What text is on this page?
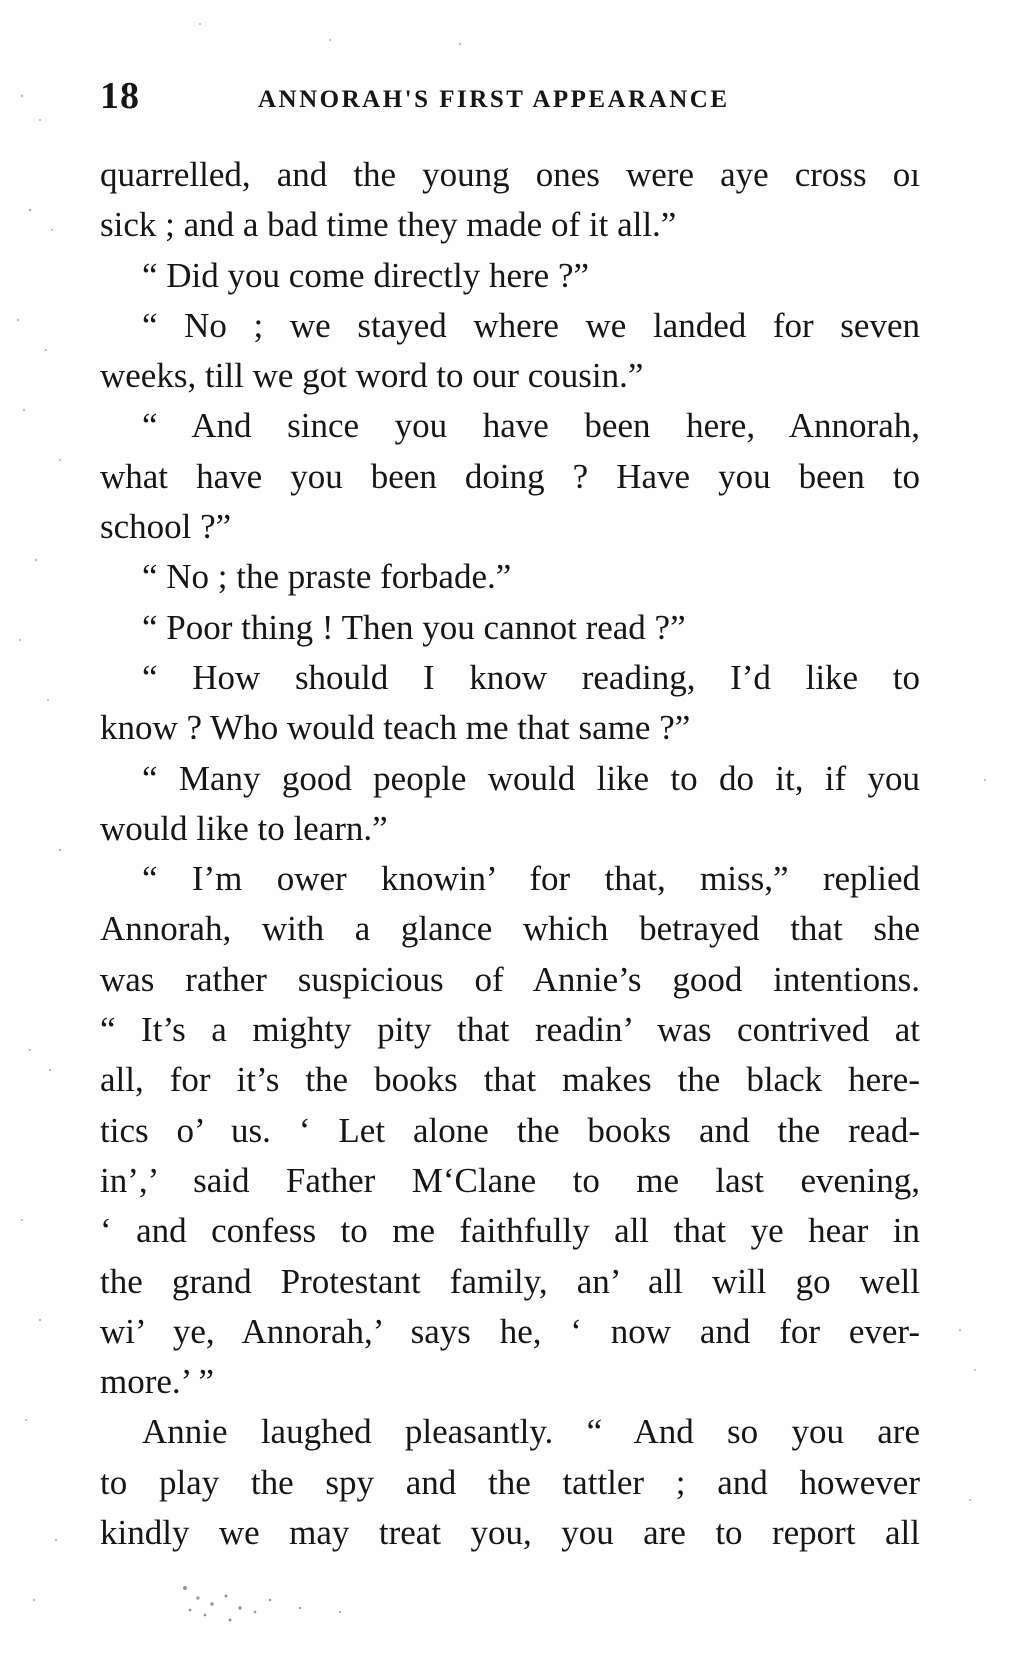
18	ANNORAH'S FIRST APPEARANCE
quarrelled, and the young ones were aye cross oı
sick ; and a bad time they made of it all.”
“ Did you come directly here ?”
“ No ; we stayed where we landed for seven
weeks, till we got word to our cousin.”
“ And since you have been here, Annorah,
what have you been doing ? Have you been to
school ?”
“ No ; the praste forbade.”
“ Poor thing ! Then you cannot read ?”
“ How should I know reading, I’d like to
know ? Who would teach me that same ?”
“ Many good people would like to do it, if you
would like to learn.”
“ I’m ower knowin’ for that, miss,” replied
Annorah, with a glance which betrayed that she
was rather suspicious of Annie’s good intentions.
“ It’s a mighty pity that readin’ was contrived at
all, for it’s the books that makes the black here-
tics o’ us. ‘ Let alone the books and the read-
in’,’ said Father M‘Clane to me last evening,
‘ and confess to me faithfully all that ye hear in
the grand Protestant family, an’ all will go well
wi’ ye, Annorah,’ says he, ‘ now and for ever-
more.’ ”
Annie laughed pleasantly. “ And so you are
to play the spy and the tattler ; and however
kindly we may treat you, you are to report all
